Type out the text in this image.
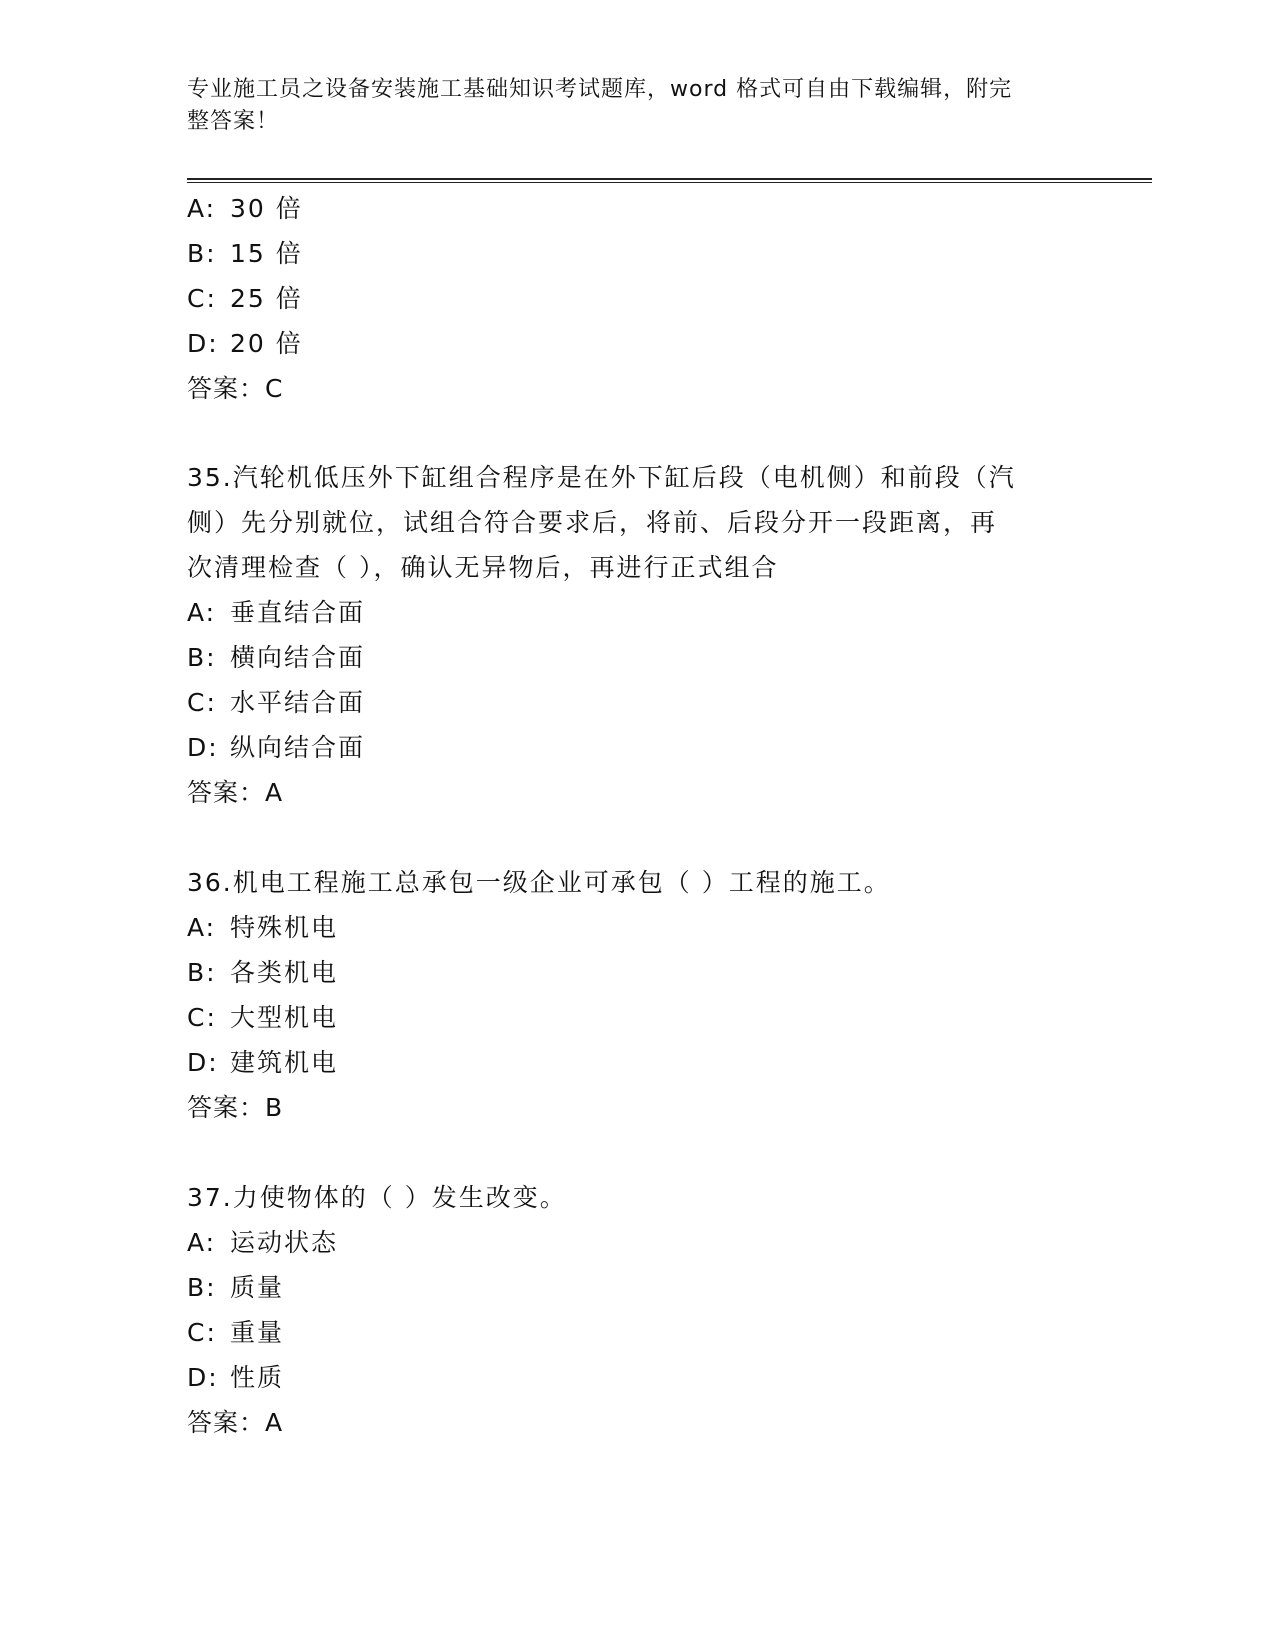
专业施工员之设备安装施工基础知识考试题库，word 格式可自由下载编辑，附完
整答案！
A: 30 倍
B: 15 倍
C: 25 倍
D: 20 倍
答案：C
35.汽轮机低压外下缸组合程序是在外下缸后段（电机侧）和前段（汽
侧）先分别就位，试组合符合要求后，将前、后段分开一段距离，再
次清理检查（ ），确认无异物后，再进行正式组合
A: 垂直结合面
B: 横向结合面
C: 水平结合面
D: 纵向结合面
答案：A
36.机电工程施工总承包一级企业可承包（ ）工程的施工。
A: 特殊机电
B: 各类机电
C: 大型机电
D: 建筑机电
答案：B
37.力使物体的（ ）发生改变。
A: 运动状态
B: 质量
C: 重量
D: 性质
答案：A
